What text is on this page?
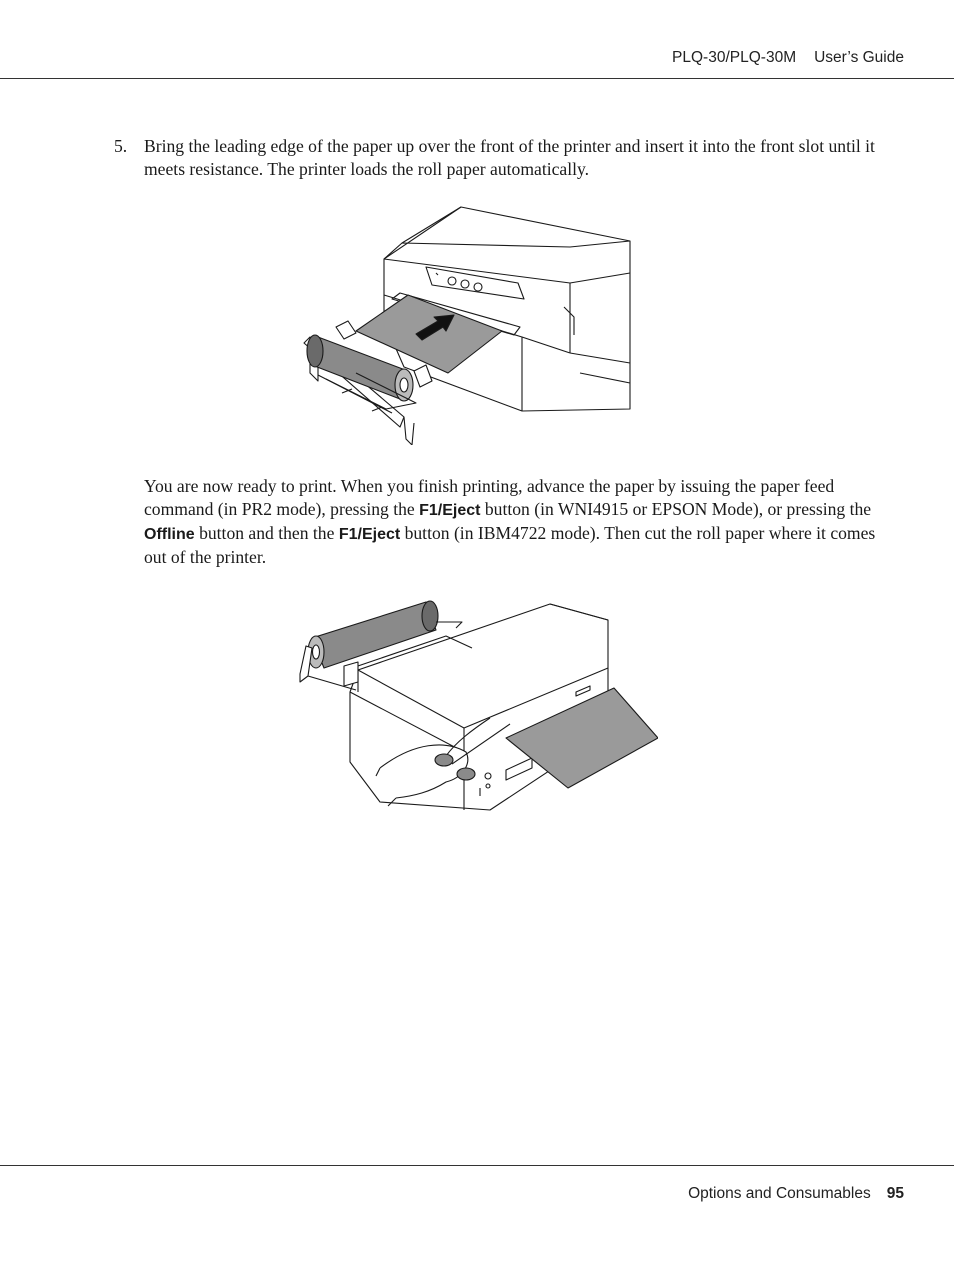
PLQ-30/PLQ-30M User’s Guide
5. Bring the leading edge of the paper up over the front of the printer and insert it into the front slot until it meets resistance. The printer loads the roll paper automatically.

You are now ready to print. When you finish printing, advance the paper by issuing the paper feed command (in PR2 mode), pressing the F1/Eject button (in WNI4915 or EPSON Mode), or pressing the Offline button and then the F1/Eject button (in IBM4722 mode). Then cut the roll paper where it comes out of the printer.

Options and Consumables 95
